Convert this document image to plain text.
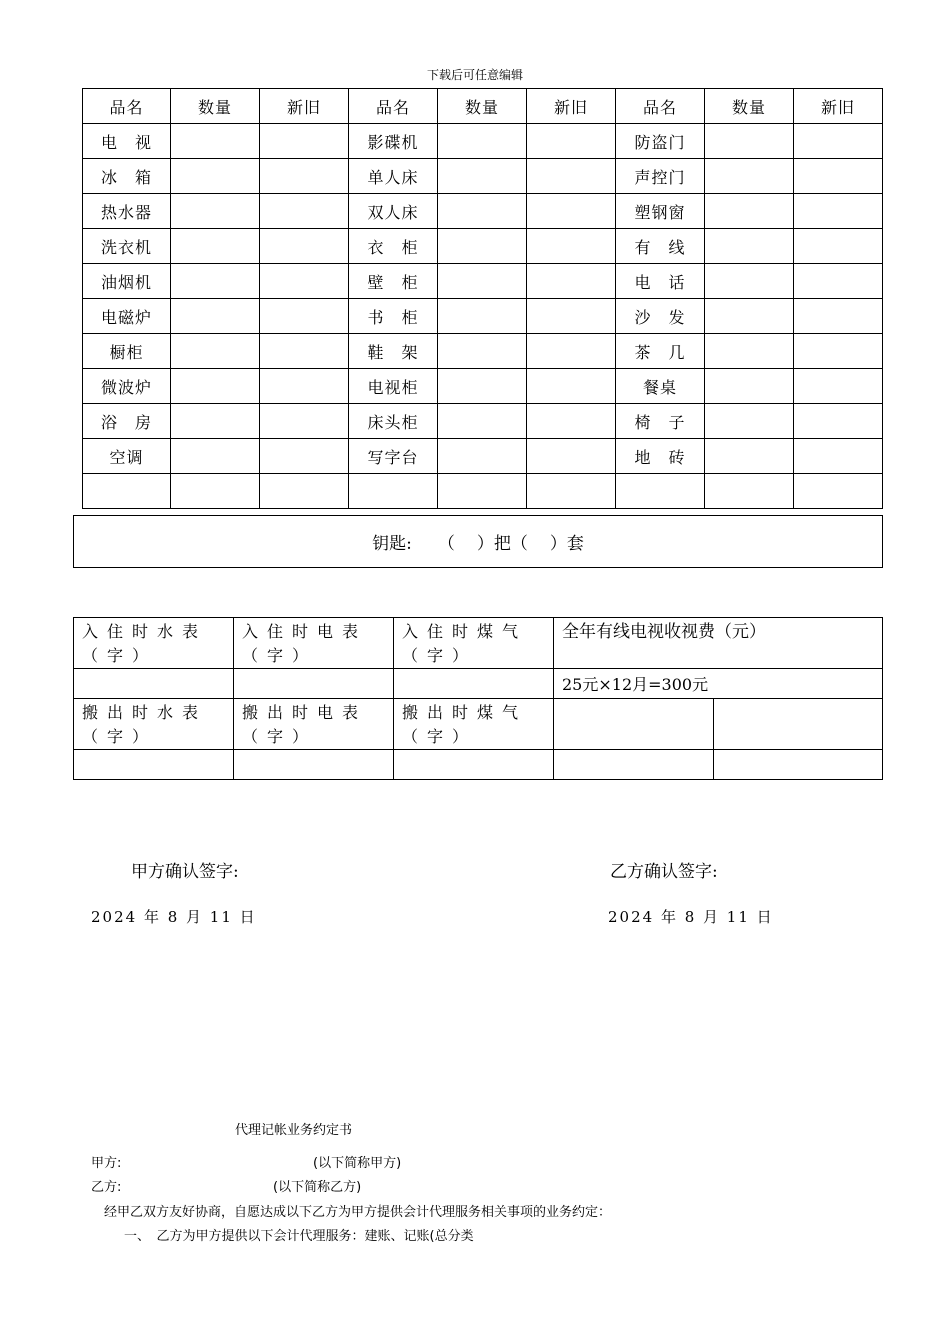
下载后可任意编辑
品名	数量	新旧	品名	数量	新旧	品名	数量	新旧
电　视			影碟机			防盗门		
冰　箱			单人床			声控门		
热水器			双人床			塑钢窗		
洗衣机			衣　柜			有　线		
油烟机			壁　柜			电　话		
电磁炉			书　柜			沙　发		
橱柜			鞋　架			茶　几		
微波炉			电视柜			餐桌		
浴　房			床头柜			椅　子		
空调			写字台			地　砖		

钥匙: （ ）把（ ）套
入住时水表（字）	入住时电表（字）	入住时煤气（字）	全年有线电视收视费（元）	
			25元×12月=300元	
搬出时水表（字）	搬出时电表（字）	搬出时煤气（字）		

甲方确认签字:	乙方确认签字:
2024 年 8 月 11 日	2024 年 8 月 11 日
代理记帐业务约定书
甲方:	(以下简称甲方)
乙方:	(以下简称乙方)
经甲乙双方友好协商，自愿达成以下乙方为甲方提供会计代理服务相关事项的业务约定：
一、　乙方为甲方提供以下会计代理服务：建账、记账(总分类
